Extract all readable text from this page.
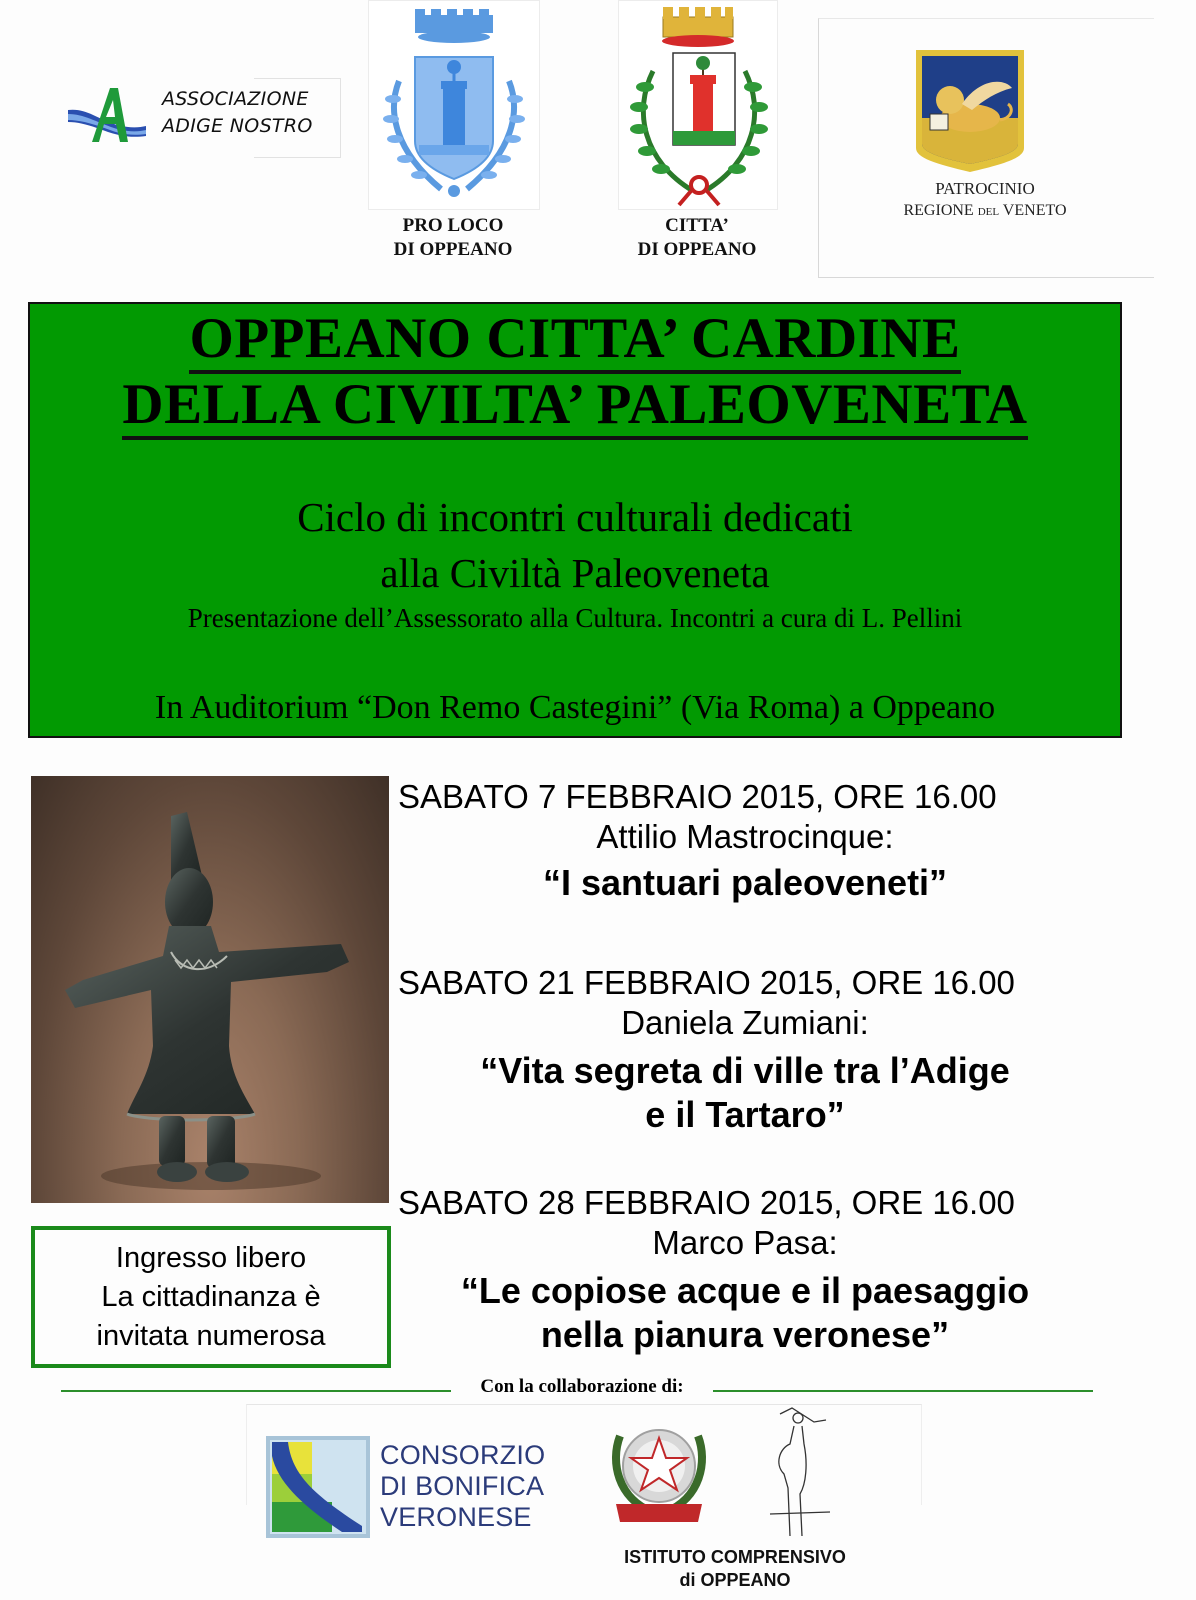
ASSOCIAZIONE
ADIGE NOSTRO
PRO LOCO
DI OPPEANO
CITTA’
DI OPPEANO
PATROCINIO
REGIONE DEL VENETO
OPPEANO CITTA’ CARDINE
DELLA CIVILTA’ PALEOVENETA
Ciclo di incontri culturali dedicati
alla Civiltà Paleoveneta
Presentazione dell’Assessorato alla Cultura. Incontri a cura di L. Pellini
In Auditorium “Don Remo Castegini” (Via Roma) a Oppeano
SABATO 7 FEBBRAIO 2015, ORE 16.00
Attilio Mastrocinque:
“I santuari paleoveneti”
SABATO 21 FEBBRAIO 2015, ORE 16.00
Daniela Zumiani:
“Vita segreta di ville tra l’Adige
e il Tartaro”
SABATO 28 FEBBRAIO 2015, ORE 16.00
Marco Pasa:
“Le copiose acque e il paesaggio
nella pianura veronese”
Ingresso libero
La cittadinanza è
invitata numerosa
Con la collaborazione di:
CONSORZIO
DI BONIFICA
VERONESE
ISTITUTO COMPRENSIVO
di OPPEANO
